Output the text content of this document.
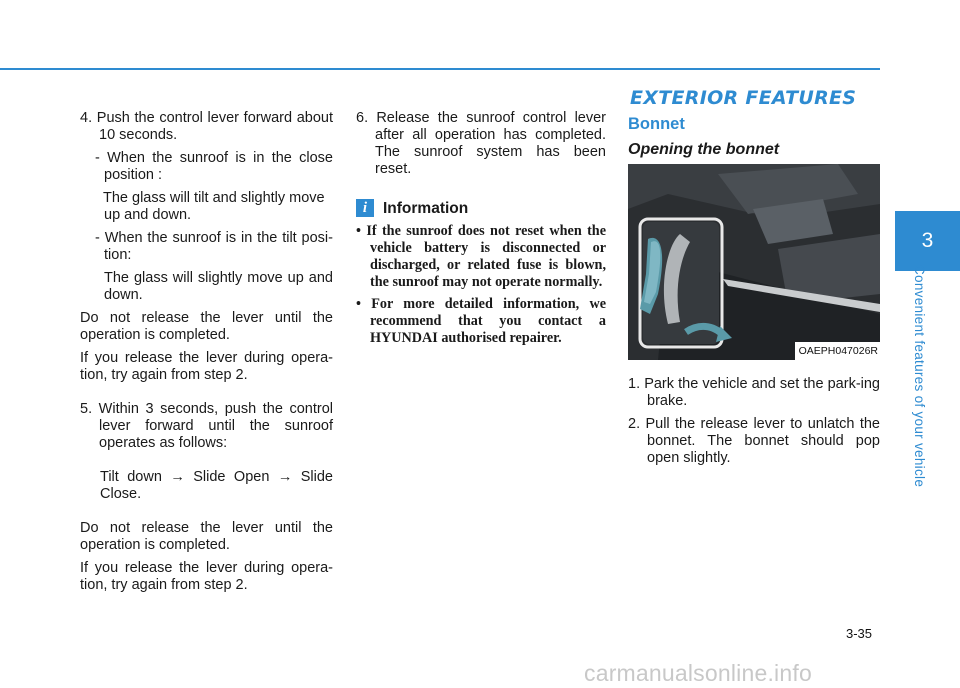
4. Push the control lever forward about 10 seconds.

- When the sunroof is in the close position :

The glass will tilt and slightly move up and down.

- When the sunroof is in the tilt posi-tion:

The glass will slightly move up and down.

Do not release the lever until the operation is completed.

If you release the lever during opera-tion, try again from step 2.

5. Within 3 seconds, push the control lever forward until the sunroof operates as follows:

Tilt down → Slide Open → Slide Close.

Do not release the lever until the operation is completed.

If you release the lever during opera-tion, try again from step 2.

6. Release the sunroof control lever after all operation has completed. The sunroof system has been reset.

i	Information

• If the sunroof does not reset when the vehicle battery is disconnected or discharged, or related fuse is blown, the sunroof may not operate normally.

• For more detailed information, we recommend that you contact a HYUNDAI authorised repairer.

EXTERIOR FEATURES
Bonnet
Opening the bonnet
OAEPH047026R

1. Park the vehicle and set the park-ing brake.

2. Pull the release lever to unlatch the bonnet. The bonnet should pop open slightly.

3
Convenient features of your vehicle
3-35
carmanualsonline.info
